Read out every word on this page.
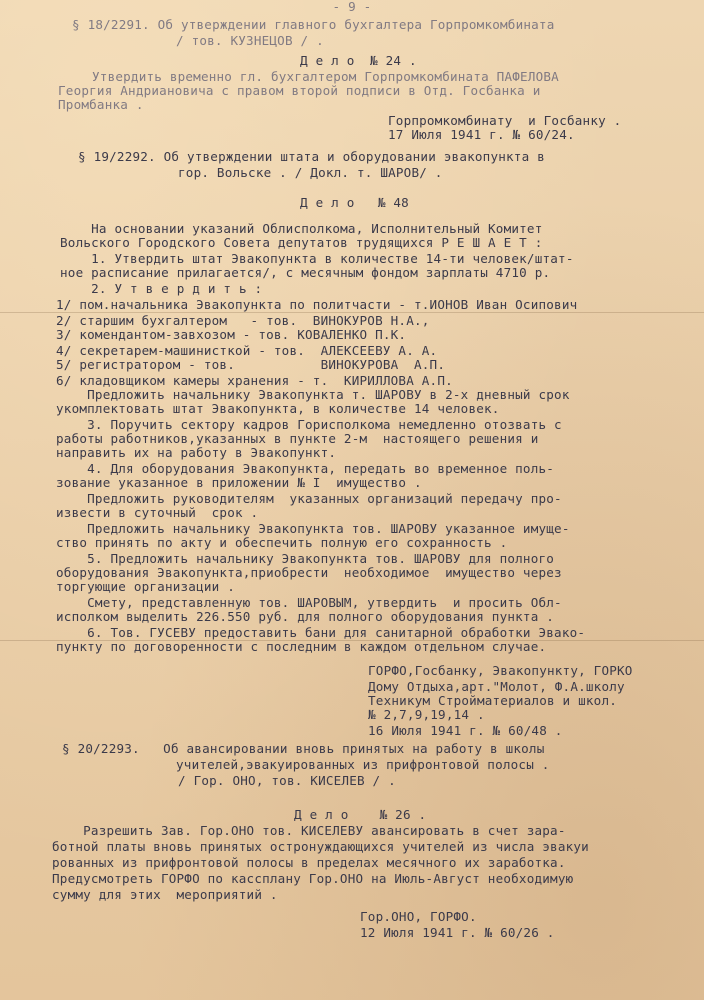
- 9 -
§ 18/2291. Об утверждении главного бухгалтера Горпромкомбината
/ тов. КУЗНЕЦОВ / .
Д е л о  № 24 .
Утвердить временно гл. бухгалтером Горпромкомбината ПАФЕЛОВА
Георгия Андриановича с правом второй подписи в Отд. Госбанка и
Промбанка .
Горпромкомбинату  и Госбанку .
17 Июля 1941 г. № 60/24.
§ 19/2292. Об утверждении штата и оборудовании эвакопункта в
гор. Вольске . / Докл. т. ШАРОВ/ .
Д е л о   № 48
На основании указаний Облисполкома, Исполнительный Комитет
Вольского Городского Совета депутатов трудящихся Р Е Ш А Е Т :
1. Утвердить штат Эвакопункта в количестве 14-ти человек/штат-
ное расписание прилагается/, с месячным фондом зарплаты 4710 р.
2. У т в е р д и т ь :
1/ пом.начальника Эвакопункта по политчасти - т.ИОНОВ Иван Осипович
2/ старшим бухгалтером   - тов.  ВИНОКУРОВ Н.А.,
3/ комендантом-завхозом - тов. КОВАЛЕНКО П.К.
4/ секретарем-машинисткой - тов.  АЛЕКСЕЕВУ А. А.
5/ регистратором - тов.           ВИНОКУРОВА  А.П.
6/ кладовщиком камеры хранения - т.  КИРИЛЛОВА А.П.
Предложить начальнику Эвакопункта т. ШАРОВУ в 2-х дневный срок
укомплектовать штат Эвакопункта, в количестве 14 человек.
3. Поручить сектору кадров Горисполкома немедленно отозвать с
работы работников,указанных в пункте 2-м  настоящего решения и
направить их на работу в Эвакопункт.
4. Для оборудования Эвакопункта, передать во временное поль-
зование указанное в приложении № I  имущество .
Предложить руководителям  указанных организаций передачу про-
извести в суточный  срок .
Предложить начальнику Эвакопункта тов. ШАРОВУ указанное имуще-
ство принять по акту и обеспечить полную его сохранность .
5. Предложить начальнику Эвакопункта тов. ШАРОВУ для полного
оборудования Эвакопункта,приобрести  необходимое  имущество через
торгующие организации .
Смету, представленную тов. ШАРОВЫМ, утвердить  и просить Обл-
исполком выделить 226.550 руб. для полного оборудования пункта .
6. Тов. ГУСЕВУ предоставить бани для санитарной обработки Эвако-
пункту по договоренности с последним в каждом отдельном случае.
ГОРФО,Госбанку, Эвакопункту, ГОРКО
Дому Отдыха,арт."Молот, Ф.А.школу
Техникум Стройматериалов и школ.
№ 2,7,9,19,14 .
16 Июля 1941 г. № 60/48 .
§ 20/2293.   Об авансировании вновь принятых на работу в школы
учителей,эвакуированных из прифронтовой полосы .
/ Гор. ОНО, тов. КИСЕЛЕВ / .
Д е л о    № 26 .
Разрешить Зав. Гор.ОНО тов. КИСЕЛЕВУ авансировать в счет зара-
ботной платы вновь принятых остронуждающихся учителей из числа эвакуи
рованных из прифронтовой полосы в пределах месячного их заработка.
Предусмотреть ГОРФО по кассплану Гор.ОНО на Июль-Август необходимую
сумму для этих  мероприятий .
Гор.ОНО, ГОРФО.
12 Июля 1941 г. № 60/26 .
